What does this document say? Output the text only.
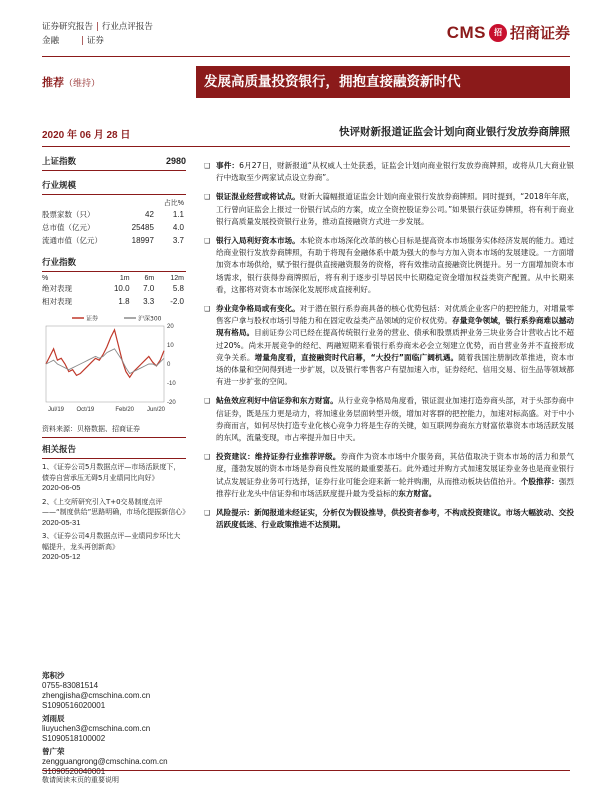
证券研究报告 | 行业点评报告
金融	| 证券	CMS	招 招商证券
推荐（维持）	发展高质量投资银行，拥抱直接融资新时代
2020 年 06 月 28 日	快评财新报道证监会计划向商业银行发放券商牌照
上证指数	2980
行业规模
		占比%
股票家数（只）	42	1.1
总市值（亿元）	25485	4.0
流通市值（亿元）	18997	3.7
行业指数
%	1m	6m	12m
绝对表现	10.0	7.0	5.8
相对表现	1.8	3.3	-2.0
证券	沪深300
20
10
0
-10
-20
Jul/19 Oct/19	Feb/20 Jun/20
资料来源：贝格数据、招商证券
相关报告
1、《证券公司5月数据点评—市场活跃度下，债券自营承压无碍5月业绩同比向好》
2020-06-05
2、《上交所研究引入T+0交易制度点评——“制度供给”思路明确，市场化提振新信心》
2020-05-31
3、《证券公司4月数据点评—业绩同步环比大幅提升，龙头再创新高》
2020-05-12
郑积沙
0755-83081514
zhengjisha@cmschina.com.cn
S1090516020001
刘雨辰
liuyuchen3@cmschina.com.cn
S1090518100002
曾广荣
zengguangrong@cmschina.com.cn
S1090520040001
❑ 事件：6月27日，财新报道“从权威人士处获悉，证监会计划向商业银行发放券商牌照，或将从几大商业银行中选取至少两家试点设立券商”。
❑ 银证混业经营或将试点。财新大篇幅报道证监会计划向商业银行发放券商牌照。同时提到，“2018年年底，工行曾向证监会上报过一份银行试点的方案，成立全资控股证券公司。”如果银行获证券牌照，将有利于商业银行高质量发展投资银行业务，推动直接融资方式进一步发展。
❑ 银行入局利好资本市场。本轮资本市场深化改革的核心目标是提高资本市场服务实体经济发展的能力。通过给商业银行发放券商牌照，有助于将现有金融体系中最为强大的参与方加入资本市场的发展建设。一方面增加资本市场供给，赋予银行提供直接融资服务的资格，将有效推动直接融资比例提升。另一方面增加资本市场需求，银行获得券商牌照后，将有利于逐步引导居民中长期稳定资金增加权益类资产配置。从中长期来看，这都将对资本市场深化发展形成直接利好。
❑ 券业竞争格局或有变化。对于潜在银行系券商具备的核心优势包括：对优质企业客户的把控能力，对增量零售客户拿与股权市场引导能力和在固定收益类产品领域的定价权优势。存量竞争领域，银行系券商难以撼动现有格局。目前证券公司已经在提高传统银行业务的营业、债承和股票质押业务三块业务合计营收占比不超过20%。尚未开展竞争的经纪、两融短期来看银行系券商未必会立刻建立优势，而自营业务并不直接形成竞争关系。增量角度看，直接融资时代启幕，“大投行”面临广阔机遇。随着我国注册制改革推进，资本市场的体量和空间得到进一步扩展，以及银行零售客户有望加速入市，证券经纪、信用交易、衍生品等领域都有进一步扩张的空间。
❑ 鲇鱼效应利好中信证券和东方财富。从行业竞争格局角度看，银证混业加速打造券商头部，对于头部券商中信证券，既是压力更是动力，将加速业务层面转型升级，增加对客群的把控能力，加速对标高盛。对于中小券商而言，如何尽快打造专业化核心竞争力将是生存的关键，如互联网券商东方财富依靠资本市场活跃发展的东风，流量变现，市占率提升加日中天。
❑ 投资建议：维持证券行业推荐评级。券商作为资本市场中介服务商，其估值取决于资本市场的活力和景气度，蓬勃发展的资本市场是券商良性发展的最重要基石。此外通过并购方式加速发展证券业务也是商业银行试点发展证券业务可行选择，证券行业可能会迎来新一轮并购潮，从而推动板块估值抬升。个股推荐：强烈推荐行业龙头中信证券和市场活跃度提升最为受益标的东方财富。
❑ 风险提示：新闻报道未经证实，分析仅为假设推导，供投资者参考，不构成投资建议。市场大幅波动、交投活跃度低迷、行业政策推进不达预期。
敬请阅读末页的重要说明
